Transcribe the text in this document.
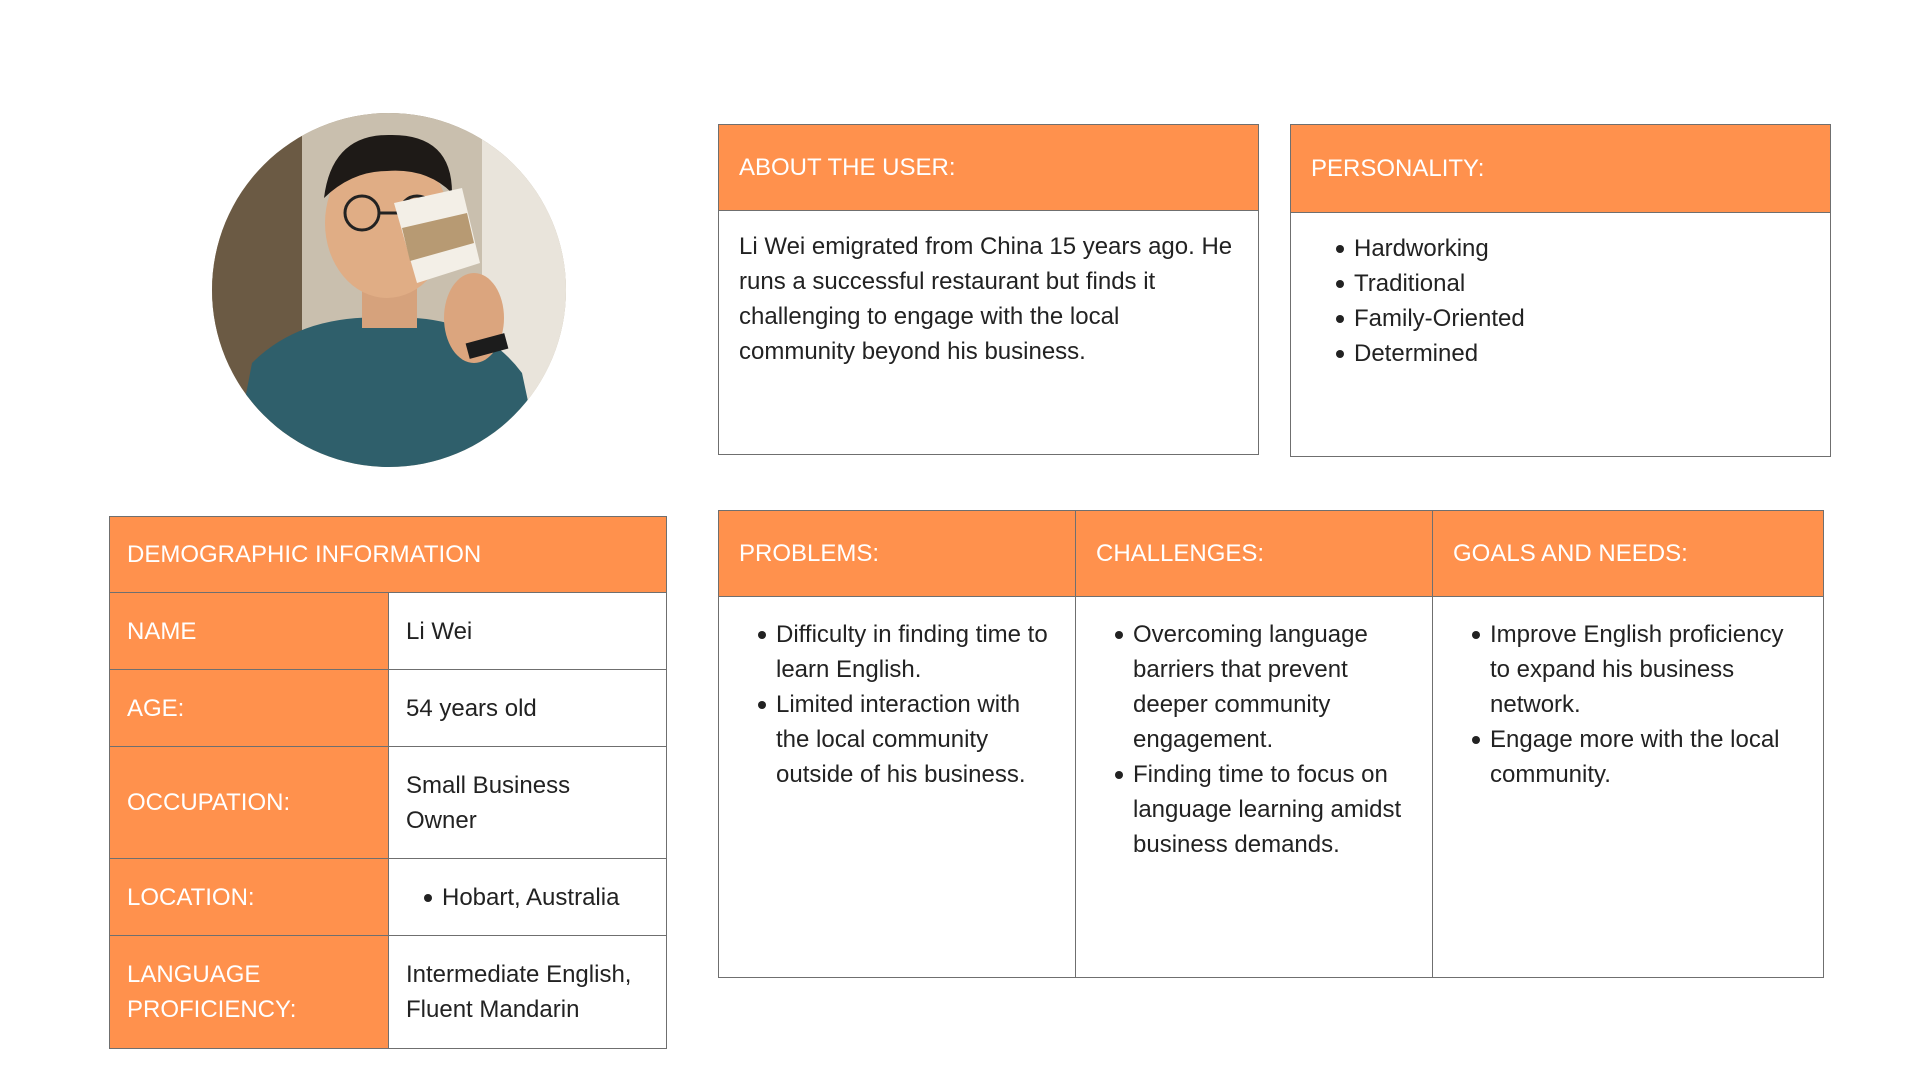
ABOUT THE USER:
Li Wei emigrated from China 15 years ago. He runs a successful restaurant but finds it challenging to engage with the local community beyond his business.
PERSONALITY:
Hardworking
Traditional
Family-Oriented
Determined
DEMOGRAPHIC INFORMATION
NAME	Li Wei
AGE:	54 years old
OCCUPATION:
Small Business Owner
LOCATION:	Hobart, Australia
LANGUAGE PROFICIENCY:
Intermediate English, Fluent Mandarin
PROBLEMS:
Difficulty in finding time to learn English.
Limited interaction with the local community outside of his business.
CHALLENGES:
Overcoming language barriers that prevent deeper community engagement.
Finding time to focus on language learning amidst business demands.
GOALS AND NEEDS:
Improve English proficiency to expand his business network.
Engage more with the local community.
